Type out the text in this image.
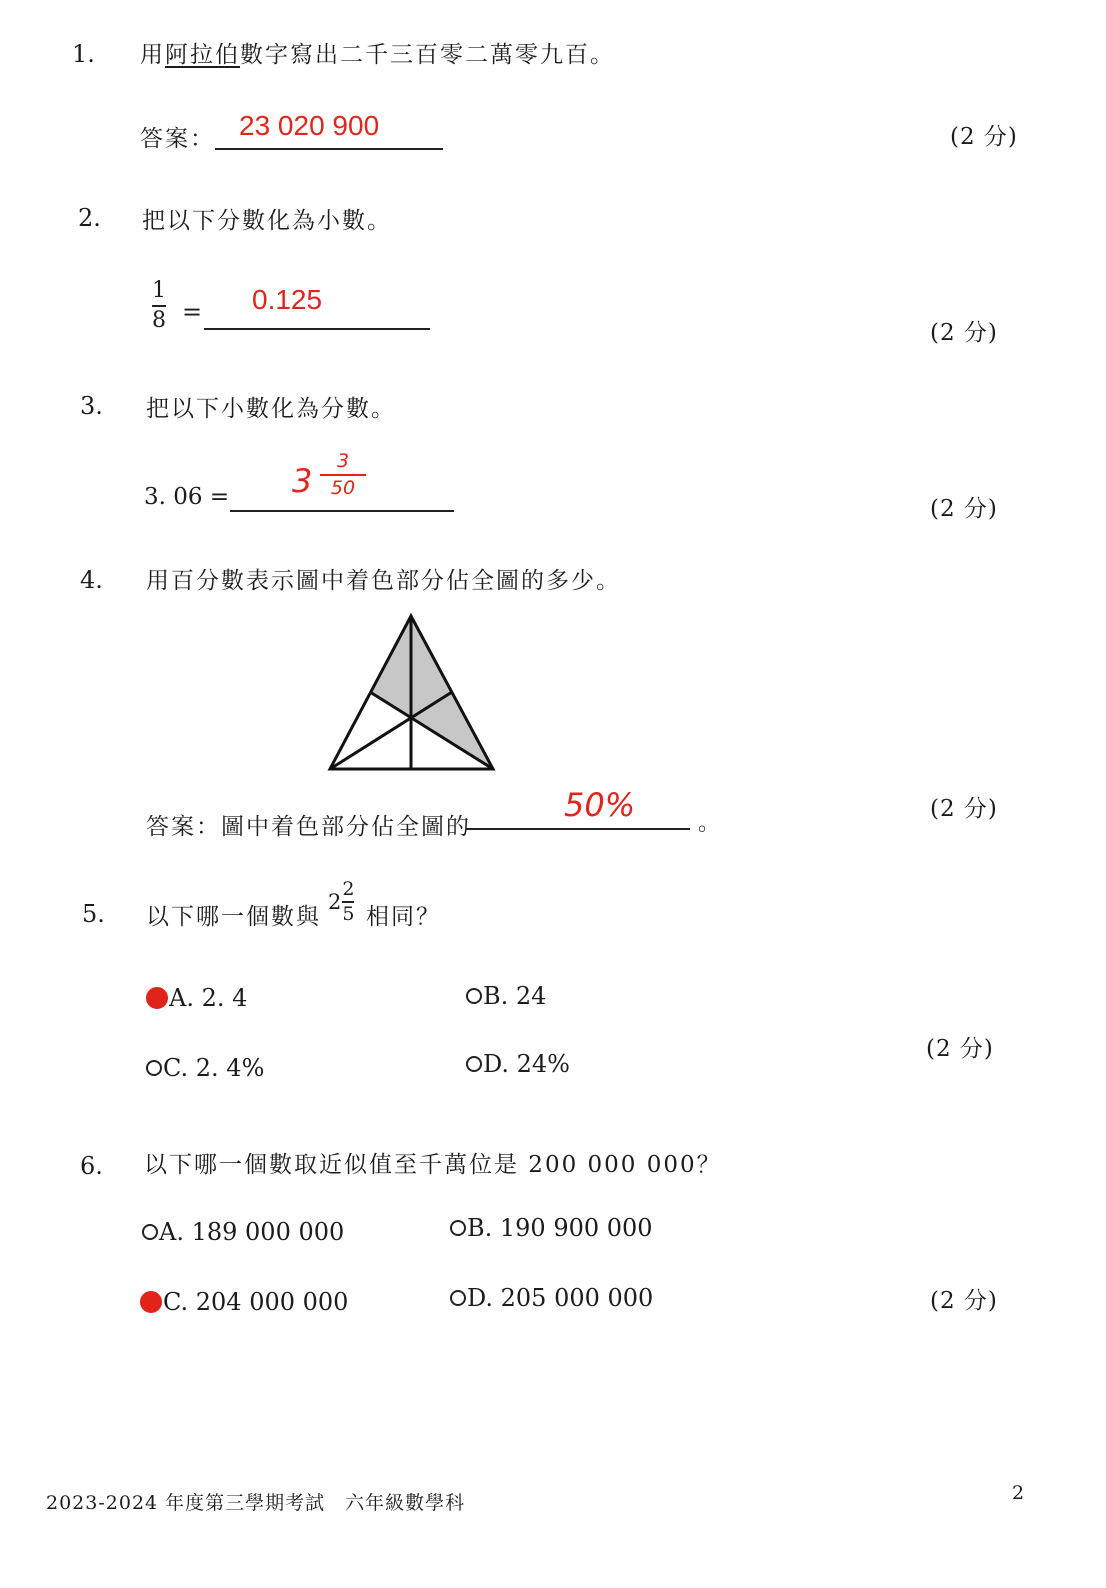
1. 用阿拉伯數字寫出二千三百零二萬零九百。
答案： 23 020 900	(2 分)
2. 把以下分數化為小數。
1
8 = 0.125
(2 分)
3. 把以下小數化為分數。
3. 06 = 3
3
50
(2 分)
4. 用百分數表示圖中着色部分佔全圖的多少。
答案：圖中着色部分佔全圖的
50%	。
(2 分)
5. 以下哪一個數與
$2 \frac{2}{5}$ 相同？
A. 2. 4	B. 24
C. 2. 4%	D. 24%
(2 分)
6. 以下哪一個數取近似值至千萬位是 200 000 000？
A. 189 000 000	B. 190 900 000
C. 204 000 000	D. 205 000 000	(2 分)
2023-2024 年度第三學期考試　六年級數學科	2
